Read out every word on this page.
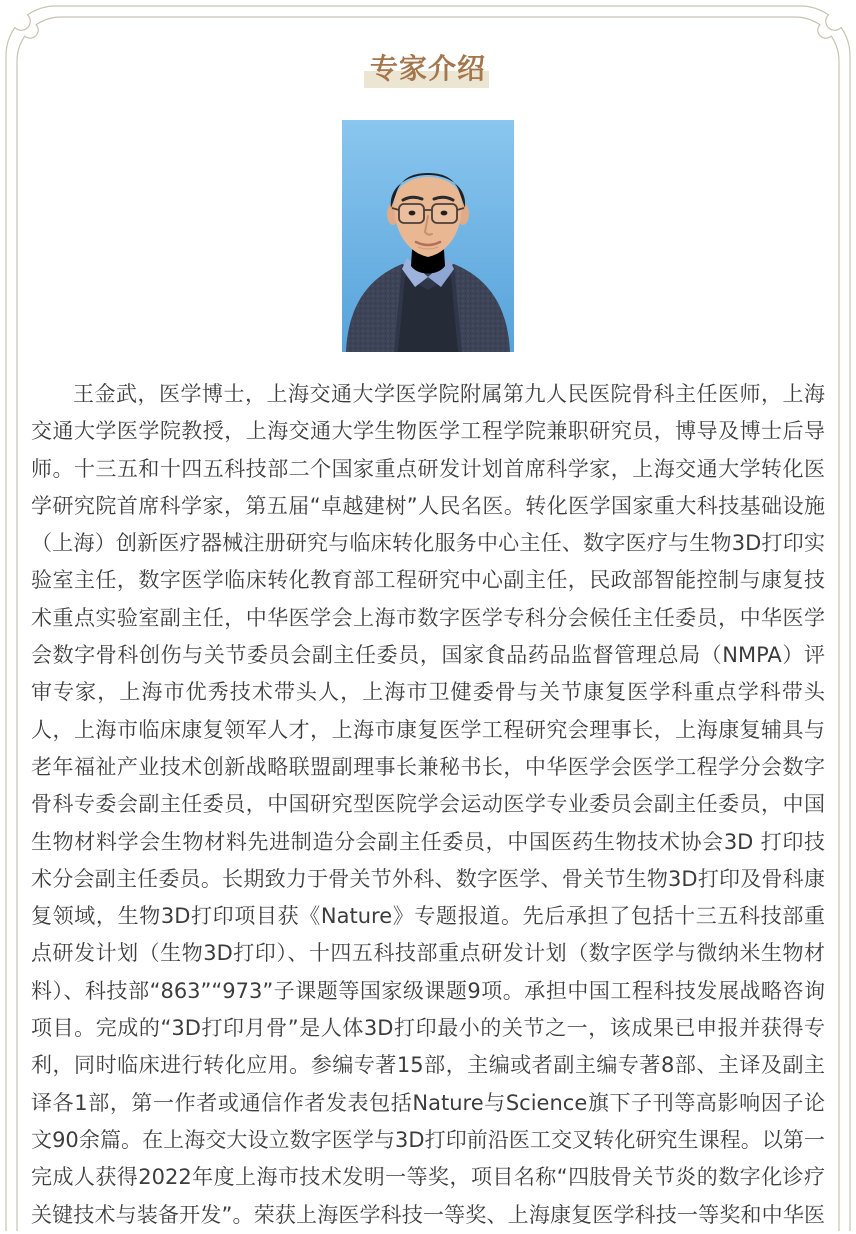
专家介绍
王金武，医学博士，上海交通大学医学院附属第九人民医院骨科主任医师，上海
交通大学医学院教授，上海交通大学生物医学工程学院兼职研究员，博导及博士后导
师。十三五和十四五科技部二个国家重点研发计划首席科学家，上海交通大学转化医
学研究院首席科学家，第五届“卓越建树”人民名医。转化医学国家重大科技基础设施
（上海）创新医疗器械注册研究与临床转化服务中心主任、数字医疗与生物3D打印实
验室主任，数字医学临床转化教育部工程研究中心副主任，民政部智能控制与康复技
术重点实验室副主任，中华医学会上海市数字医学专科分会候任主任委员，中华医学
会数字骨科创伤与关节委员会副主任委员，国家食品药品监督管理总局（NMPA）评
审专家，上海市优秀技术带头人，上海市卫健委骨与关节康复医学科重点学科带头
人，上海市临床康复领军人才，上海市康复医学工程研究会理事长，上海康复辅具与
老年福祉产业技术创新战略联盟副理事长兼秘书长，中华医学会医学工程学分会数字
骨科专委会副主任委员，中国研究型医院学会运动医学专业委员会副主任委员，中国
生物材料学会生物材料先进制造分会副主任委员，中国医药生物技术协会3D 打印技
术分会副主任委员。长期致力于骨关节外科、数字医学、骨关节生物3D打印及骨科康
复领域，生物3D打印项目获《Nature》专题报道。先后承担了包括十三五科技部重
点研发计划（生物3D打印）、十四五科技部重点研发计划（数字医学与微纳米生物材
料）、科技部“863”“973”子课题等国家级课题9项。承担中国工程科技发展战略咨询
项目。完成的“3D打印月骨”是人体3D打印最小的关节之一，该成果已申报并获得专
利，同时临床进行转化应用。参编专著15部，主编或者副主编专著8部、主译及副主
译各1部，第一作者或通信作者发表包括Nature与Science旗下子刊等高影响因子论
文90余篇。在上海交大设立数字医学与3D打印前沿医工交叉转化研究生课程。以第一
完成人获得2022年度上海市技术发明一等奖，项目名称“四肢骨关节炎的数字化诊疗
关键技术与装备开发”。荣获上海医学科技一等奖、上海康复医学科技一等奖和中华医
